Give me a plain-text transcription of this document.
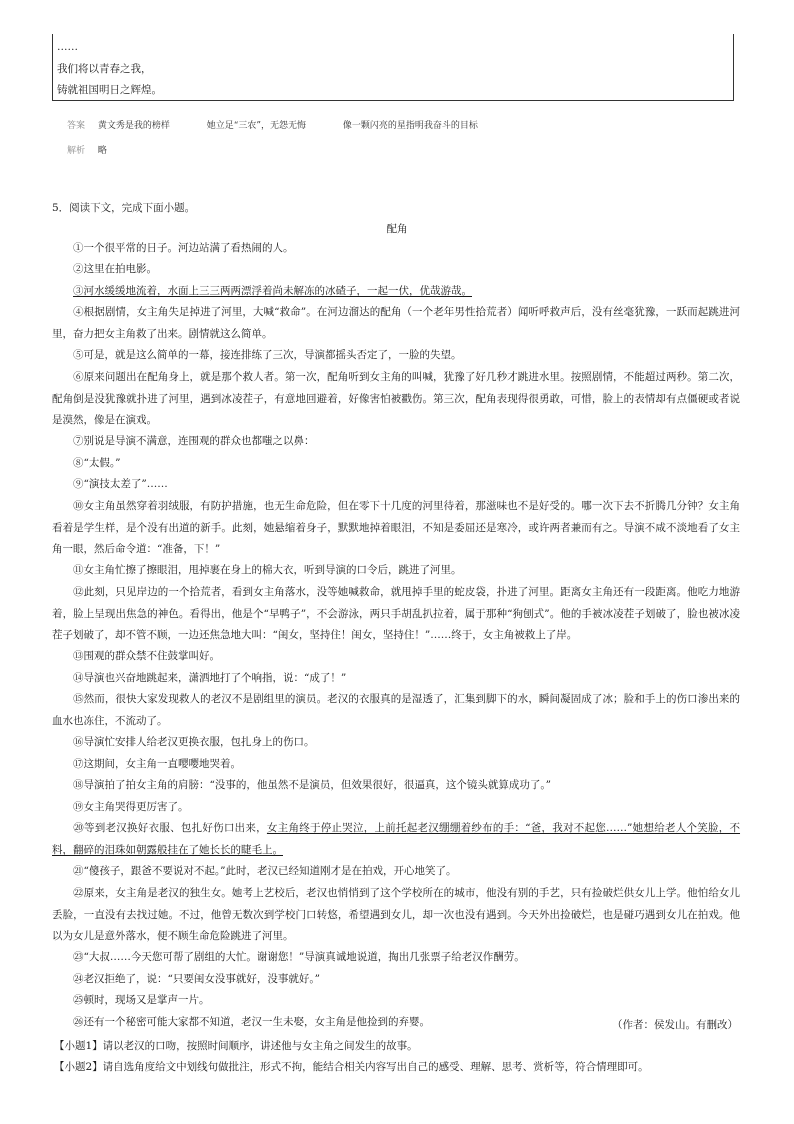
……
我们将以青春之我，
铸就祖国明日之辉煌。
答案 黄文秀是我的榜样	她立足“三农”，无怨无悔	像一颗闪亮的星指明我奋斗的目标
解析 略
5．阅读下文，完成下面小题。
配角
①一个很平常的日子。河边站满了看热闹的人。
②这里在拍电影。
③河水缓缓地流着，水面上三三两两漂浮着尚未解冻的冰碴子，一起一伏，优哉游哉。
④根据剧情，女主角失足掉进了河里，大喊“救命”。在河边溜达的配角（一个老年男性拾荒者）闻听呼救声后，没有丝毫犹豫，一跃而起跳进河里，奋力把女主角救了出来。剧情就这么简单。
⑤可是，就是这么简单的一幕，接连排练了三次，导演都摇头否定了，一脸的失望。
⑥原来问题出在配角身上，就是那个救人者。第一次，配角听到女主角的叫喊，犹豫了好几秒才跳进水里。按照剧情，不能超过两秒。第二次，配角倒是没犹豫就扑进了河里，遇到冰凌茬子，有意地回避着，好像害怕被戳伤。第三次，配角表现得很勇敢，可惜，脸上的表情却有点僵硬或者说是漠然，像是在演戏。
⑦别说是导演不满意，连围观的群众也都嗤之以鼻：
⑧“太假。”
⑨“演技太差了”……
⑩女主角虽然穿着羽绒服，有防护措施，也无生命危险，但在零下十几度的河里待着，那滋味也不是好受的。哪一次下去不折腾几分钟？女主角看着是学生样，是个没有出道的新手。此刻，她悬缩着身子，默默地掉着眼泪，不知是委屈还是寒冷，或许两者兼而有之。导演不咸不淡地看了女主角一眼，然后命令道：“准备，下！”
⑪女主角忙擦了擦眼泪，甩掉裹在身上的棉大衣，听到导演的口令后，跳进了河里。
⑫此刻，只见岸边的一个拾荒者，看到女主角落水，没等她喊救命，就甩掉手里的蛇皮袋，扑进了河里。距离女主角还有一段距离。他吃力地游着，脸上呈现出焦急的神色。看得出，他是个“早鸭子”，不会游泳，两只手胡乱扒拉着，属于那种“狗刨式”。他的手被冰凌茬子划破了，脸也被冰凌茬子划破了，却不管不顾，一边还焦急地大叫：“闺女，坚持住！闺女，坚持住！”……终于，女主角被救上了岸。
⑬围观的群众禁不住鼓掌叫好。
⑭导演也兴奋地跳起来，潇洒地打了个响指，说：“成了！”
⑮然而，很快大家发现救人的老汉不是剧组里的演员。老汉的衣服真的是湿透了，汇集到脚下的水，瞬间凝固成了冰；脸和手上的伤口渗出来的血水也冻住，不流动了。
⑯导演忙安排人给老汉更换衣服，包扎身上的伤口。
⑰这期间，女主角一直嘤嘤地哭着。
⑱导演拍了拍女主角的肩膀：“没事的，他虽然不是演员，但效果很好，很逼真，这个镜头就算成功了。”
⑲女主角哭得更厉害了。
⑳等到老汉换好衣服、包扎好伤口出来，女主角终于停止哭泣，上前托起老汉绷绷着纱布的手：“爸，我对不起您……”她想给老人个笑脸，不料，翻碎的泪珠如朝露般挂在了她长长的睫毛上。
㉑“傻孩子，跟爸不要说对不起。”此时，老汉已经知道刚才是在拍戏，开心地笑了。
㉒原来，女主角是老汉的独生女。她考上艺校后，老汉也悄悄到了这个学校所在的城市，他没有别的手艺，只有捡破烂供女儿上学。他怕给女儿丢脸，一直没有去找过她。不过，他曾无数次到学校门口转悠，希望遇到女儿，却一次也没有遇到。今天外出捡破烂，也是碰巧遇到女儿在拍戏。他以为女儿是意外落水，便不顾生命危险跳进了河里。
㉓“大叔……今天您可帮了剧组的大忙。谢谢您！”导演真诚地说道，掏出几张票子给老汉作酬劳。
㉔老汉拒绝了，说：“只要闺女没事就好，没事就好。”
㉕顿时，现场又是掌声一片。
㉖还有一个秘密可能大家都不知道，老汉一生未娶，女主角是他捡到的弃婴。	（作者：侯发山。有删改）
【小题1】请以老汉的口吻，按照时间顺序，讲述他与女主角之间发生的故事。
【小题2】请自选角度给文中划线句做批注，形式不拘，能结合相关内容写出自己的感受、理解、思考、赏析等，符合情理即可。
